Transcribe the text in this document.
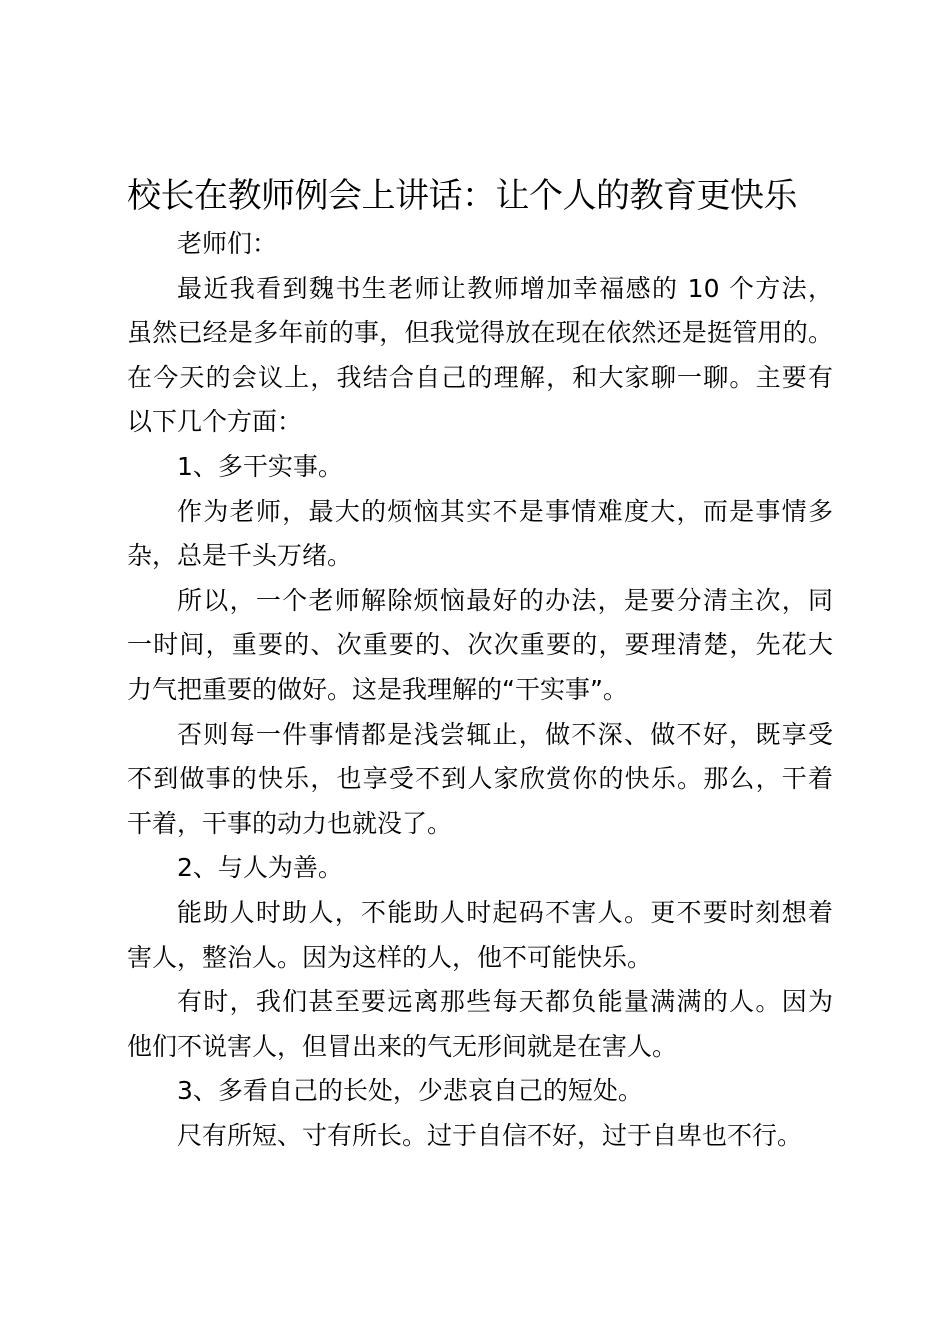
校长在教师例会上讲话：让个人的教育更快乐
老师们：
最近我看到魏书生老师让教师增加幸福感的 10 个方法，
虽然已经是多年前的事，但我觉得放在现在依然还是挺管用的。
在今天的会议上，我结合自己的理解，和大家聊一聊。主要有
以下几个方面：
1、多干实事。
作为老师，最大的烦恼其实不是事情难度大，而是事情多
杂，总是千头万绪。
所以，一个老师解除烦恼最好的办法，是要分清主次，同
一时间，重要的、次重要的、次次重要的，要理清楚，先花大
力气把重要的做好。这是我理解的“干实事”。
否则每一件事情都是浅尝辄止，做不深、做不好，既享受
不到做事的快乐，也享受不到人家欣赏你的快乐。那么，干着
干着，干事的动力也就没了。
2、与人为善。
能助人时助人，不能助人时起码不害人。更不要时刻想着
害人，整治人。因为这样的人，他不可能快乐。
有时，我们甚至要远离那些每天都负能量满满的人。因为
他们不说害人，但冒出来的气无形间就是在害人。
3、多看自己的长处，少悲哀自己的短处。
尺有所短、寸有所长。过于自信不好，过于自卑也不行。
